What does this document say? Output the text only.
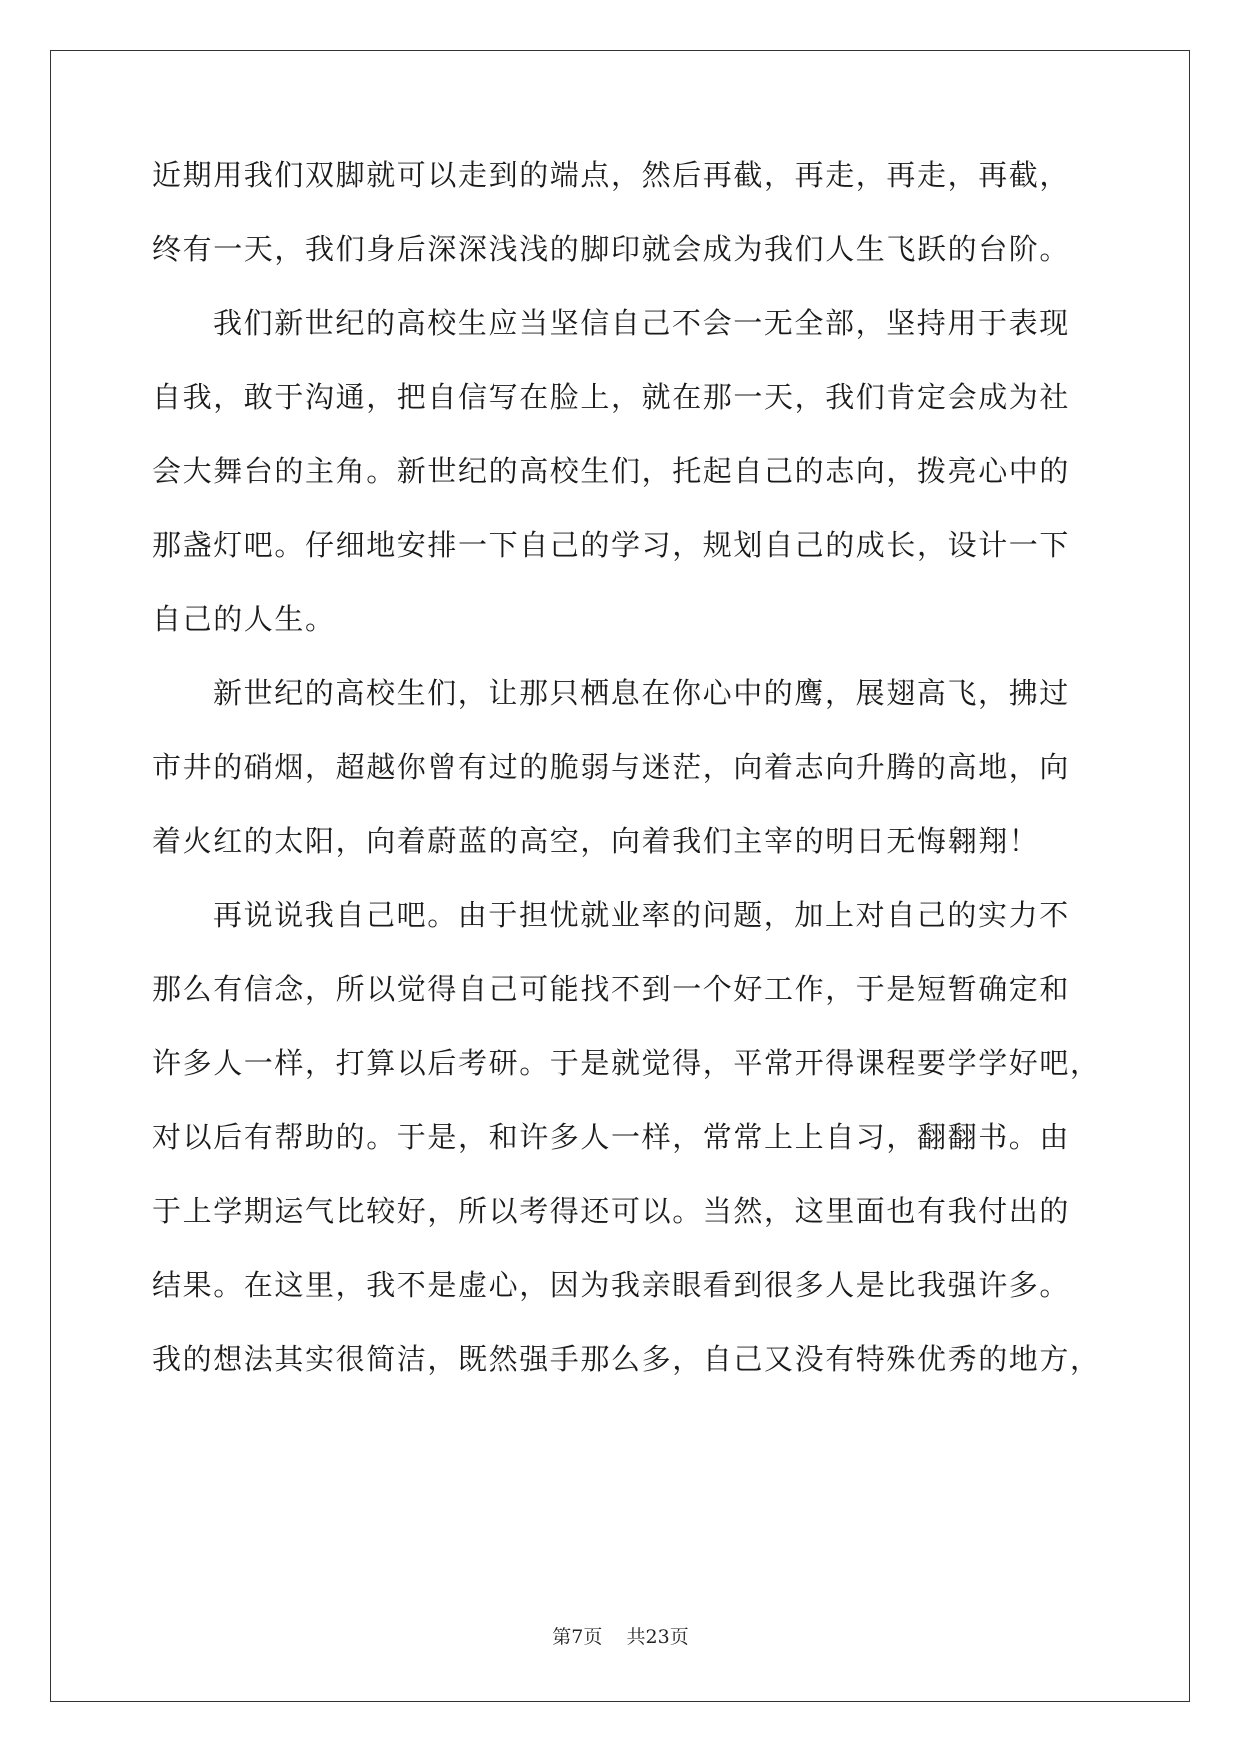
近期用我们双脚就可以走到的端点，然后再截，再走，再走，再截，
终有一天，我们身后深深浅浅的脚印就会成为我们人生飞跃的台阶。
我们新世纪的高校生应当坚信自己不会一无全部，坚持用于表现
自我，敢于沟通，把自信写在脸上，就在那一天，我们肯定会成为社
会大舞台的主角。新世纪的高校生们，托起自己的志向，拨亮心中的
那盏灯吧。仔细地安排一下自己的学习，规划自己的成长，设计一下
自己的人生。
新世纪的高校生们，让那只栖息在你心中的鹰，展翅高飞，拂过
市井的硝烟，超越你曾有过的脆弱与迷茫，向着志向升腾的高地，向
着火红的太阳，向着蔚蓝的高空，向着我们主宰的明日无悔翱翔！
再说说我自己吧。由于担忧就业率的问题，加上对自己的实力不
那么有信念，所以觉得自己可能找不到一个好工作，于是短暂确定和
许多人一样，打算以后考研。于是就觉得，平常开得课程要学学好吧，
对以后有帮助的。于是，和许多人一样，常常上上自习，翻翻书。由
于上学期运气比较好，所以考得还可以。当然，这里面也有我付出的
结果。在这里，我不是虚心，因为我亲眼看到很多人是比我强许多。
我的想法其实很简洁，既然强手那么多，自己又没有特殊优秀的地方，
第7页 共23页
